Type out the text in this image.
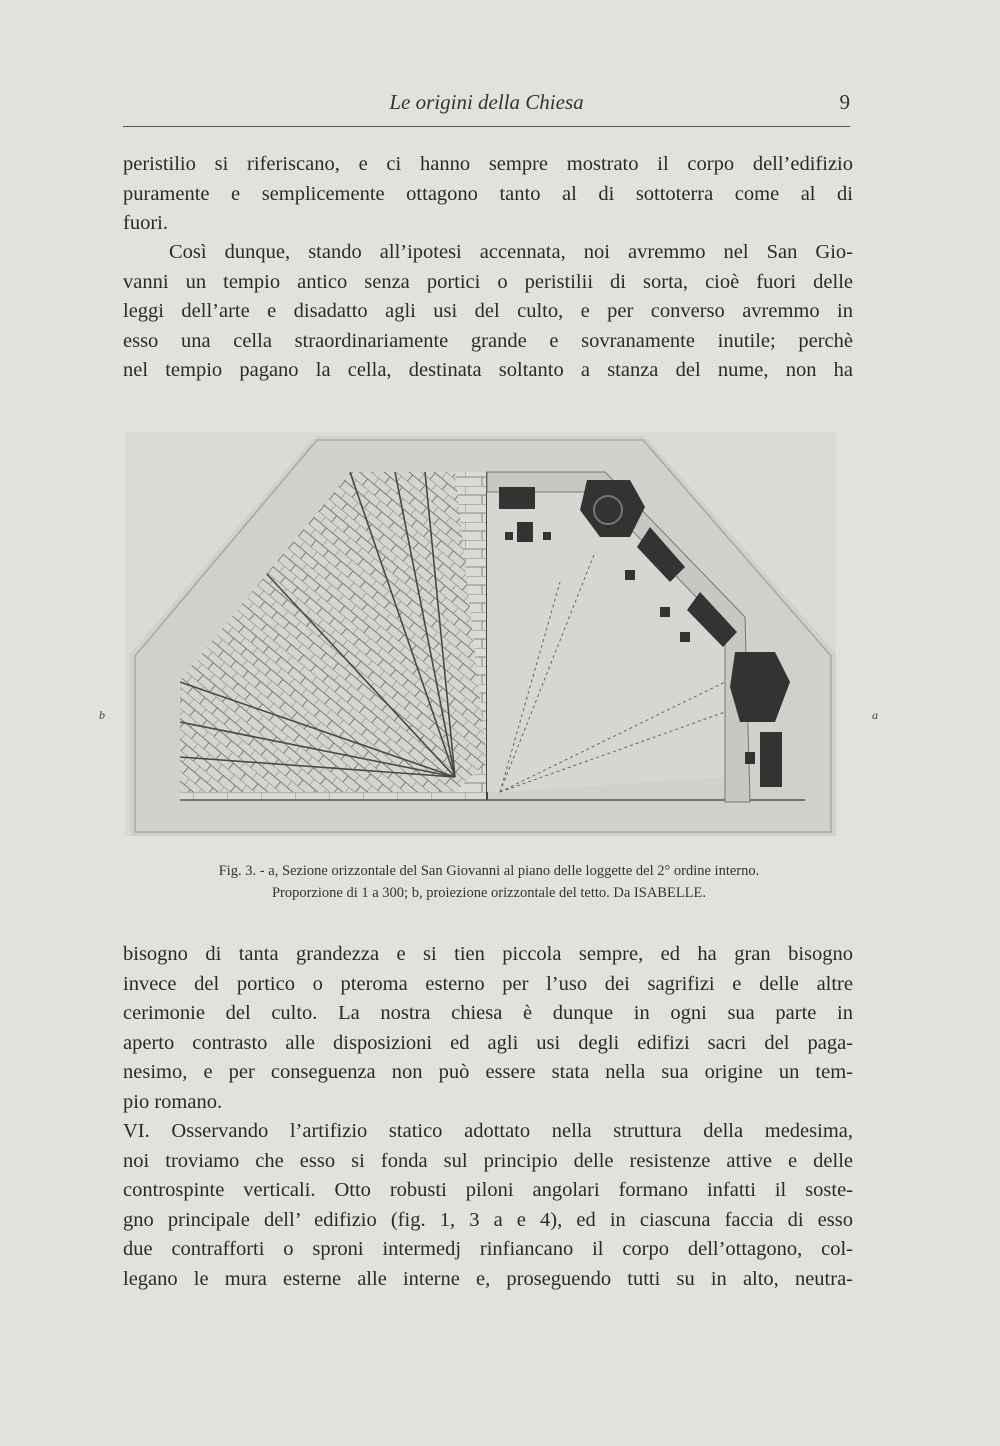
Le origini della Chiesa	9

peristilio si riferiscano, e ci hanno sempre mostrato il corpo dell’edifizio
puramente e semplicemente ottagono tanto al di sottoterra come al di
fuori.

Così dunque, stando all’ipotesi accennata, noi avremmo nel San Gio-
vanni un tempio antico senza portici o peristilii di sorta, cioè fuori delle
leggi dell’arte e disadatto agli usi del culto, e per converso avremmo in
esso una cella straordinariamente grande e sovranamente inutile; perchè
nel tempio pagano la cella, destinata soltanto a stanza del nume, non ha

b	a
Fig. 3. - a, Sezione orizzontale del San Giovanni al piano delle loggette del 2° ordine interno.
Proporzione di 1 a 300; b, proiezione orizzontale del tetto. Da ISABELLE.

bisogno di tanta grandezza e si tien piccola sempre, ed ha gran bisogno
invece del portico o pteroma esterno per l’uso dei sagrifizi e delle altre
cerimonie del culto. La nostra chiesa è dunque in ogni sua parte in
aperto contrasto alle disposizioni ed agli usi degli edifizi sacri del paga-
nesimo, e per conseguenza non può essere stata nella sua origine un tem-
pio romano.

VI. Osservando l’artifizio statico adottato nella struttura della medesima,
noi troviamo che esso si fonda sul principio delle resistenze attive e delle
controspinte verticali. Otto robusti piloni angolari formano infatti il soste-
gno principale dell’ edifizio (fig. 1, 3 a e 4), ed in ciascuna faccia di esso
due contrafforti o sproni intermedj rinfiancano il corpo dell’ottagono, col-
legano le mura esterne alle interne e, proseguendo tutti su in alto, neutra-
